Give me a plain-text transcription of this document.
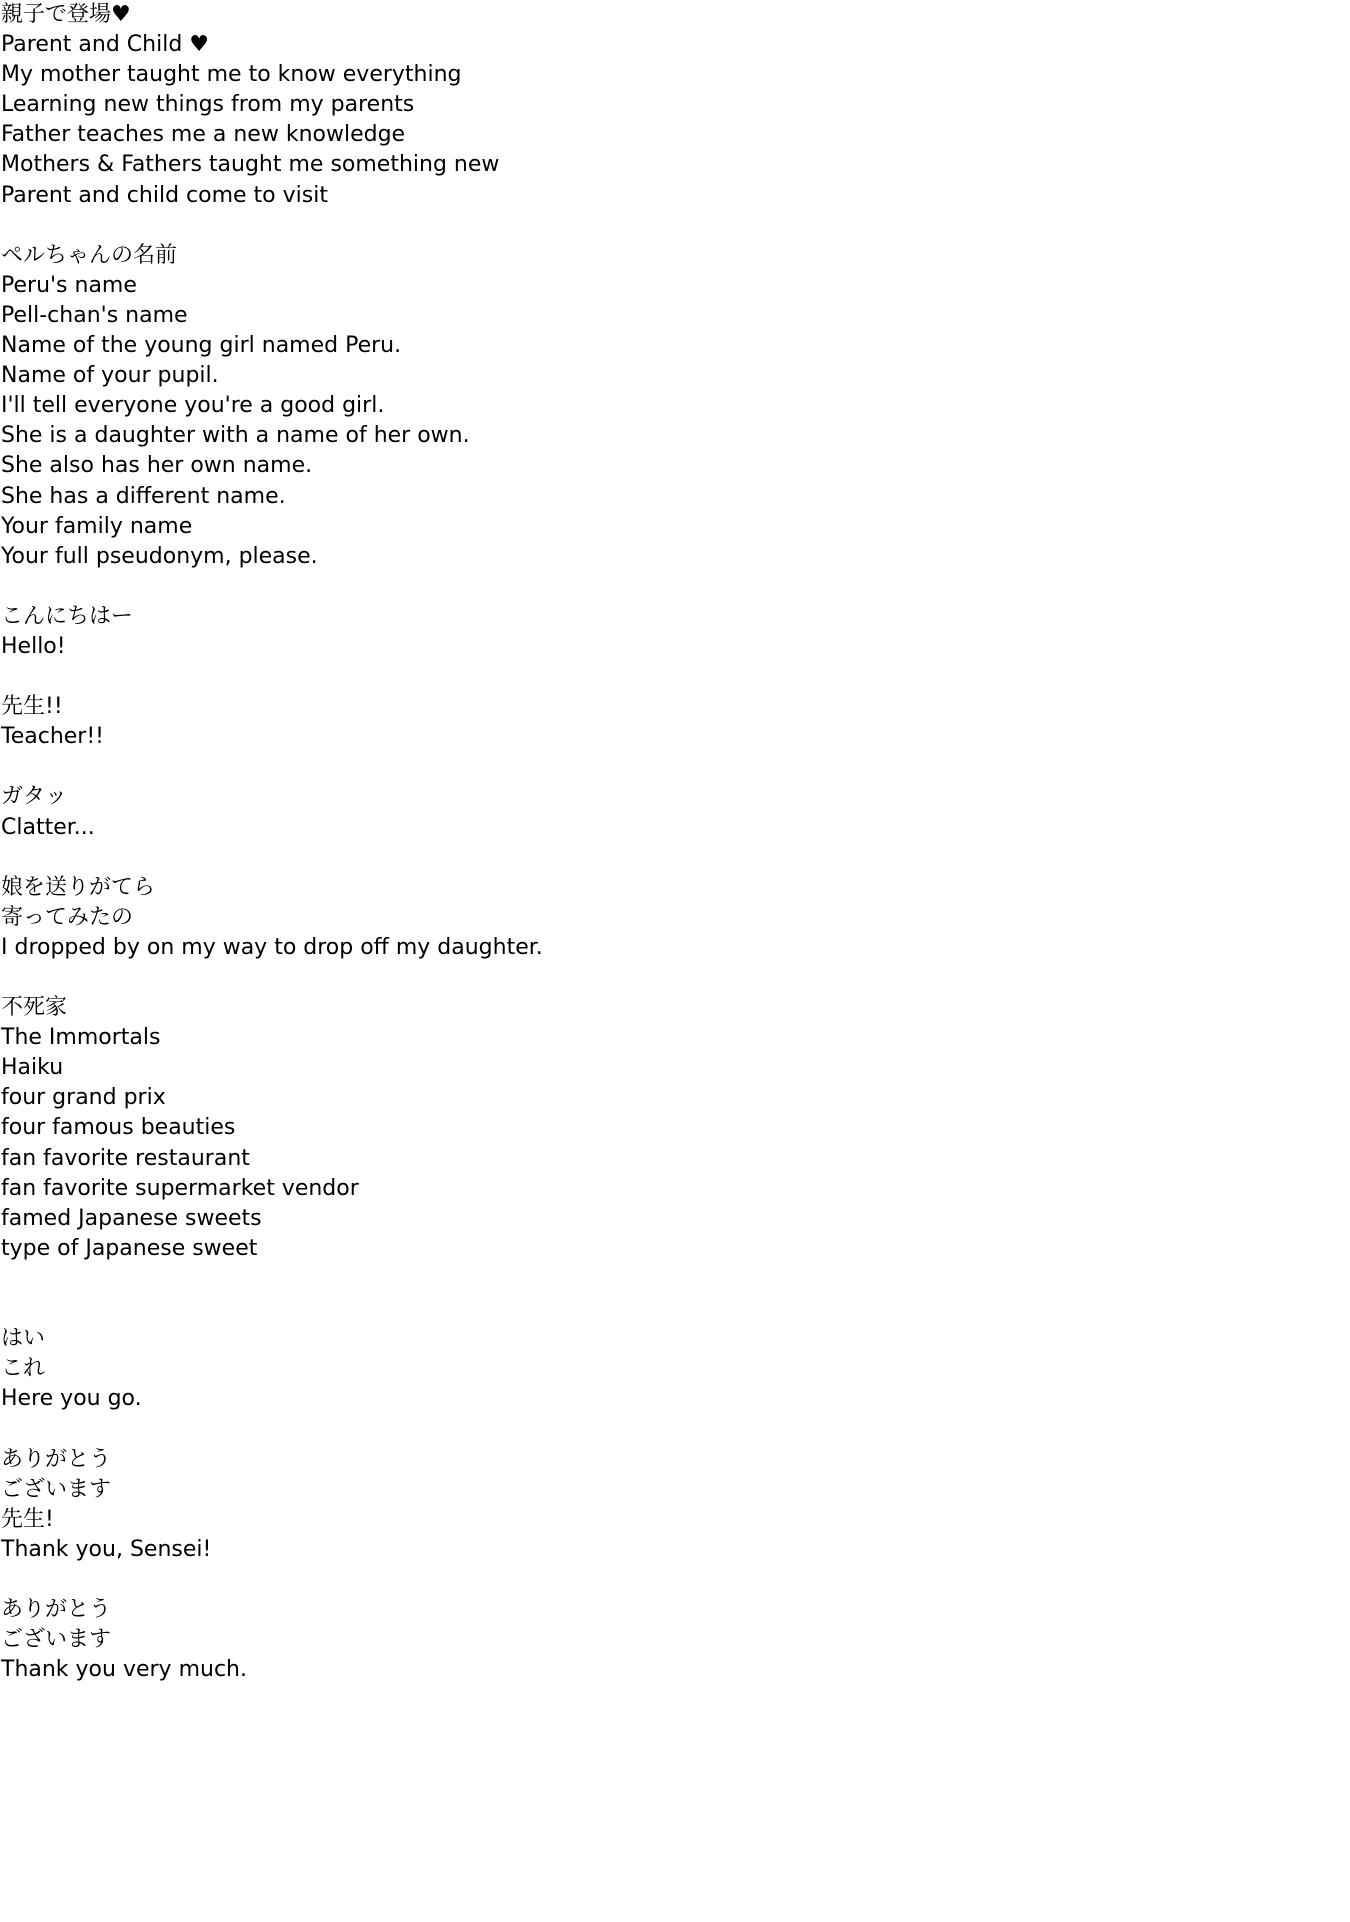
親子で登場♥
Parent and Child ♥
My mother taught me to know everything
Learning new things from my parents
Father teaches me a new knowledge
Mothers & Fathers taught me something new
Parent and child come to visit
ペルちゃんの名前
Peru's name
Pell-chan's name
Name of the young girl named Peru.
Name of your pupil.
I'll tell everyone you're a good girl.
She is a daughter with a name of her own.
She also has her own name.
She has a different name.
Your family name
Your full pseudonym, please.
こんにちはー
Hello!
先生!!
Teacher!!
ガタッ
Clatter...
娘を送りがてら
寄ってみたの
I dropped by on my way to drop off my daughter.
不死家
The Immortals
Haiku
four grand prix
four famous beauties
fan favorite restaurant
fan favorite supermarket vendor
famed Japanese sweets
type of Japanese sweet
はい
これ
Here you go.
ありがとう
ございます
先生!
Thank you, Sensei!
ありがとう
ございます
Thank you very much.
